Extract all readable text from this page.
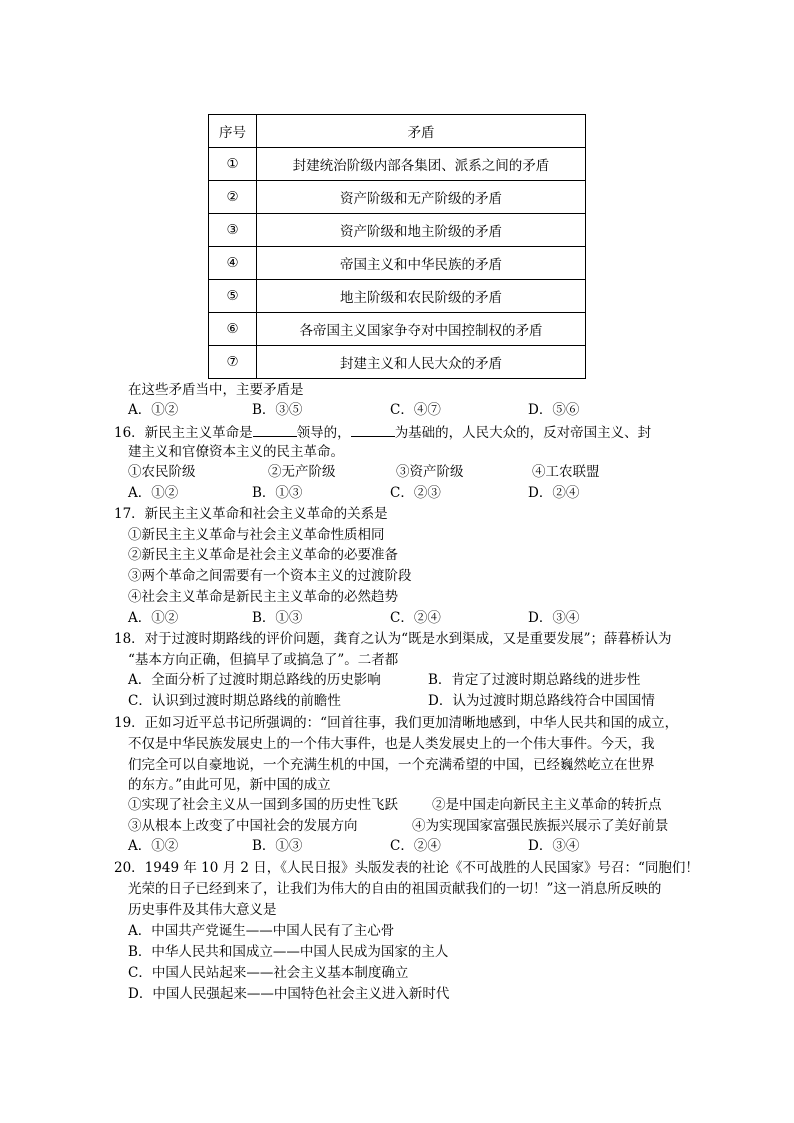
序号	矛盾
①	封建统治阶级内部各集团、派系之间的矛盾
②	资产阶级和无产阶级的矛盾
③	资产阶级和地主阶级的矛盾
④	帝国主义和中华民族的矛盾
⑤	地主阶级和农民阶级的矛盾
⑥	各帝国主义国家争夺对中国控制权的矛盾
⑦	封建主义和人民大众的矛盾
在这些矛盾当中，主要矛盾是
A．①②	B．③⑤	C．④⑦	D．⑤⑥
16．新民主主义革命是	领导的，	为基础的，人民大众的，反对帝国主义、封
建主义和官僚资本主义的民主革命。
①农民阶级	②无产阶级	③资产阶级	④工农联盟
A．①②	B．①③	C．②③	D．②④
17．新民主主义革命和社会主义革命的关系是
①新民主主义革命与社会主义革命性质相同
②新民主主义革命是社会主义革命的必要准备
③两个革命之间需要有一个资本主义的过渡阶段
④社会主义革命是新民主主义革命的必然趋势
A．①②	B．①③	C．②④	D．③④
18．对于过渡时期路线的评价问题，龚育之认为“既是水到渠成，又是重要发展”；薛暮桥认为
“基本方向正确，但搞早了或搞急了”。二者都
A．全面分析了过渡时期总路线的历史影响	B．肯定了过渡时期总路线的进步性
C．认识到过渡时期总路线的前瞻性	D．认为过渡时期总路线符合中国国情
19．正如习近平总书记所强调的：“回首往事，我们更加清晰地感到，中华人民共和国的成立，
不仅是中华民族发展史上的一个伟大事件，也是人类发展史上的一个伟大事件。今天，我
们完全可以自豪地说，一个充满生机的中国，一个充满希望的中国，已经巍然屹立在世界
的东方。”由此可见，新中国的成立
①实现了社会主义从一国到多国的历史性飞跃	②是中国走向新民主主义革命的转折点
③从根本上改变了中国社会的发展方向	④为实现国家富强民族振兴展示了美好前景
A．①②	B．①③	C．②④	D．③④
20．1949 年 10 月 2 日，《人民日报》头版发表的社论《不可战胜的人民国家》号召：“同胞们！
光荣的日子已经到来了，让我们为伟大的自由的祖国贡献我们的一切！”这一消息所反映的
历史事件及其伟大意义是
A．中国共产党诞生——中国人民有了主心骨
B．中华人民共和国成立——中国人民成为国家的主人
C．中国人民站起来——社会主义基本制度确立
D．中国人民强起来——中国特色社会主义进入新时代
